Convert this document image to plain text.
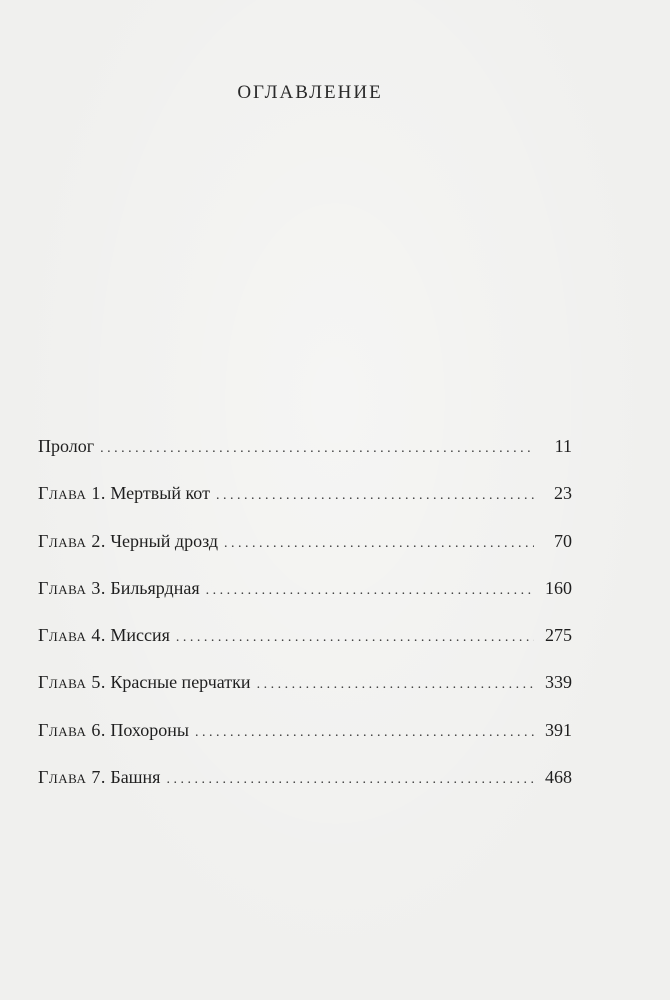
ОГЛАВЛЕНИЕ
Пролог . . .	11
Глава 1. Мертвый кот . . .	23
Глава 2. Черный дрозд . . .	70
Глава 3. Бильярдная . . .	160
Глава 4. Миссия . . .	275
Глава 5. Красные перчатки . . .	339
Глава 6. Похороны . . .	391
Глава 7. Башня . . .	468
